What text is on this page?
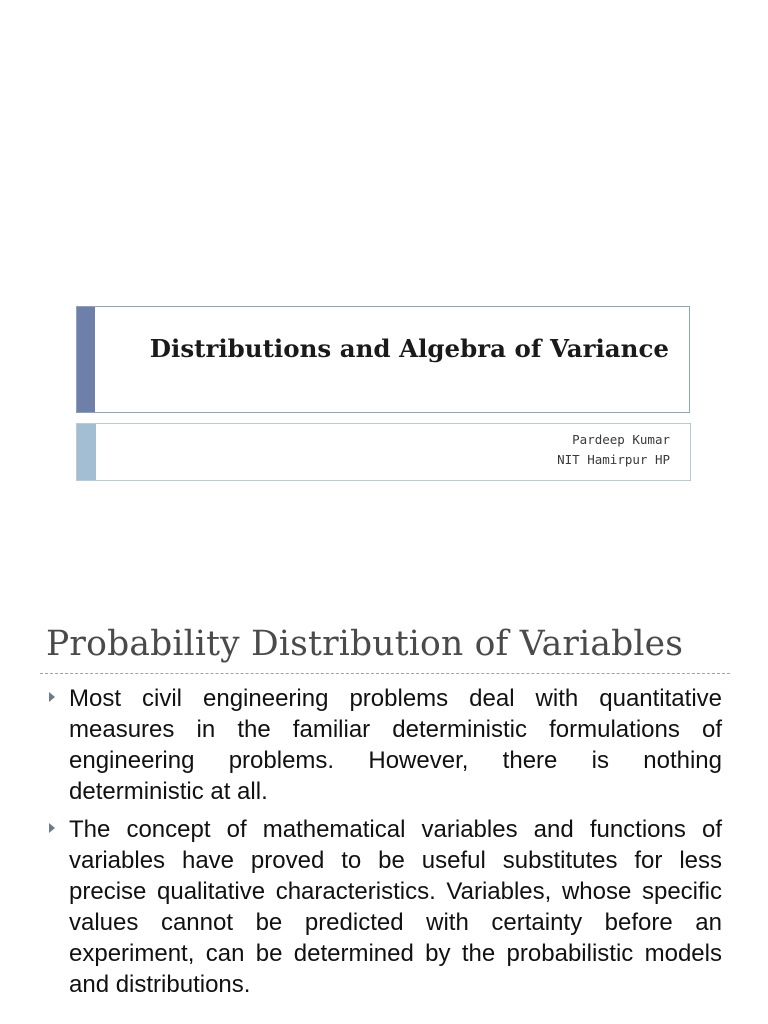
Distributions and Algebra of Variance
Pardeep Kumar
NIT Hamirpur HP
Probability Distribution of Variables
Most civil engineering problems deal with quantitative measures in the familiar deterministic formulations of engineering problems. However, there is nothing deterministic at all.
The concept of mathematical variables and functions of variables have proved to be useful substitutes for less precise qualitative characteristics. Variables, whose specific values cannot be predicted with certainty before an experiment, can be determined by the probabilistic models and distributions.
